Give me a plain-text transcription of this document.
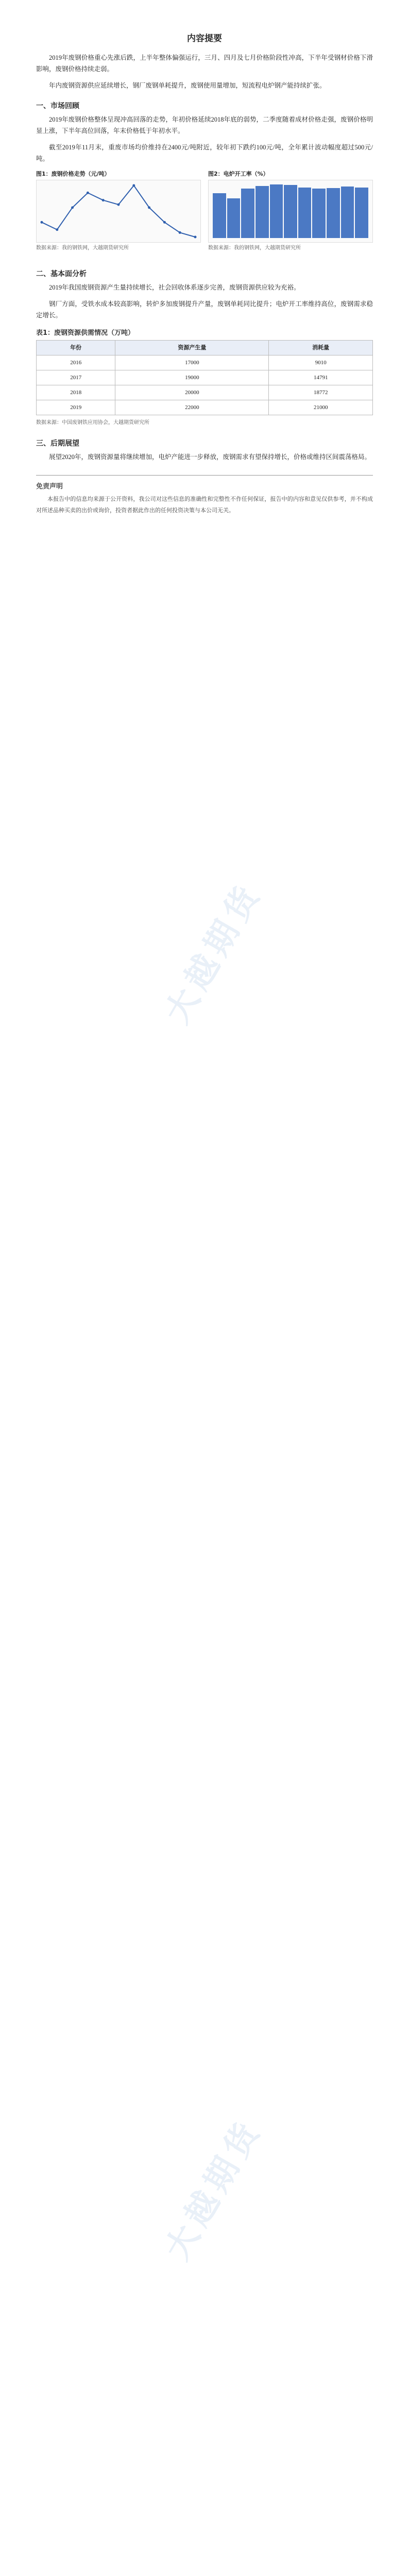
大越期货
大越期货
内容提要

2019年废钢价格重心先涨后跌，上半年整体偏强运行，三月、四月及七月价格阶段性冲高，下半年受钢材价格下滑影响，废钢价格持续走弱。

年内废钢资源供应延续增长，钢厂废钢单耗提升，废钢使用量增加，短流程电炉钢产能持续扩张。

一、市场回顾

2019年废钢价格整体呈现冲高回落的走势，年初价格延续2018年底的弱势，二季度随着成材价格走强，废钢价格明显上涨，下半年高位回落，年末价格低于年初水平。

截至2019年11月末，重废市场均价维持在2400元/吨附近，较年初下跌约100元/吨，全年累计波动幅度超过500元/吨。

图1：废钢价格走势（元/吨）
数据来源：我的钢铁网，大越期货研究所
图2：电炉开工率（%）
数据来源：我的钢铁网，大越期货研究所
二、基本面分析

2019年我国废钢资源产生量持续增长，社会回收体系逐步完善，废钢资源供应较为充裕。

钢厂方面，受铁水成本较高影响，转炉多加废钢提升产量，废钢单耗同比提升；电炉开工率维持高位，废钢需求稳定增长。

表1：废钢资源供需情况（万吨）
年份	资源产生量	消耗量
2016	17000	9010
2017	19000	14791
2018	20000	18772
2019	22000	21000
数据来源：中国废钢铁应用协会，大越期货研究所
三、后期展望

展望2020年，废钢资源量将继续增加，电炉产能进一步释放，废钢需求有望保持增长，价格或维持区间震荡格局。

免责声明

本报告中的信息均来源于公开资料，我公司对这些信息的准确性和完整性不作任何保证，报告中的内容和意见仅供参考，并不构成对所述品种买卖的出价或询价，投资者据此作出的任何投资决策与本公司无关。
